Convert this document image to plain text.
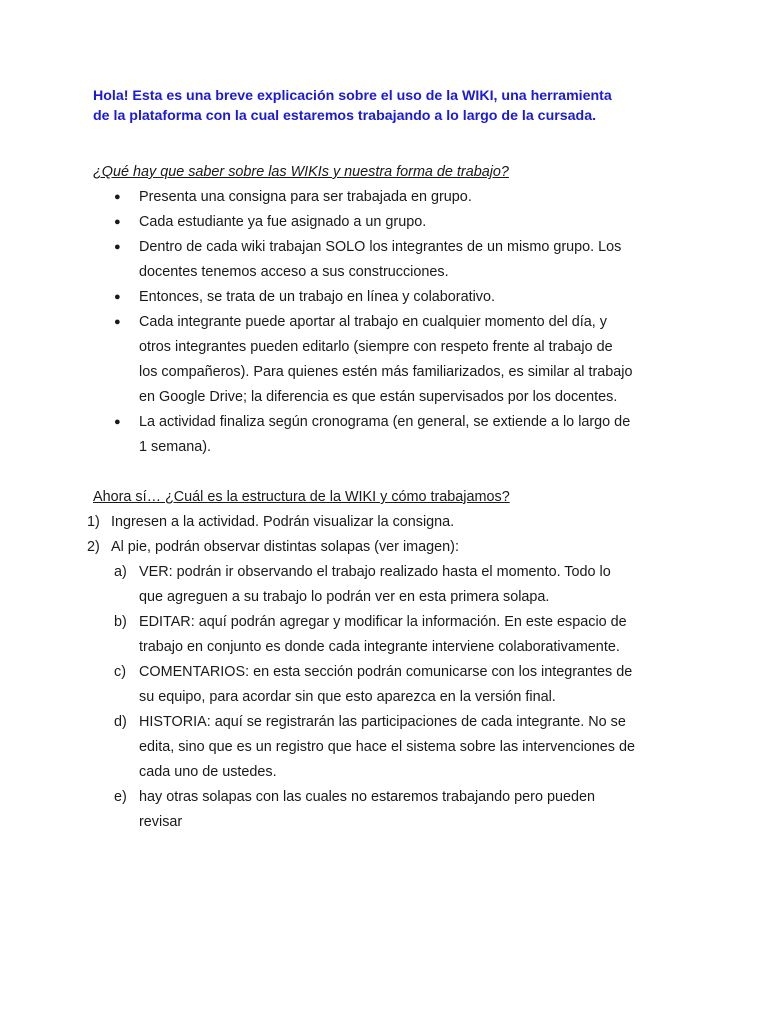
Hola! Esta es una breve explicación sobre el uso de la WIKI, una herramienta

de la plataforma con la cual estaremos trabajando a lo largo de la cursada.

¿Qué hay que saber sobre las WIKIs y nuestra forma de trabajo?
● Presenta una consigna para ser trabajada en grupo.
● Cada estudiante ya fue asignado a un grupo.
● Dentro de cada wiki trabajan SOLO los integrantes de un mismo grupo. Los
docentes tenemos acceso a sus construcciones.
● Entonces, se trata de un trabajo en línea y colaborativo.
● Cada integrante puede aportar al trabajo en cualquier momento del día, y
otros integrantes pueden editarlo (siempre con respeto frente al trabajo de
los compañeros). Para quienes estén más familiarizados, es similar al trabajo
en Google Drive; la diferencia es que están supervisados por los docentes.
● La actividad finaliza según cronograma (en general, se extiende a lo largo de
1 semana).
Ahora sí… ¿Cuál es la estructura de la WIKI y cómo trabajamos?
1) Ingresen a la actividad. Podrán visualizar la consigna.
2) Al pie, podrán observar distintas solapas (ver imagen):
a) VER: podrán ir observando el trabajo realizado hasta el momento. Todo lo
que agreguen a su trabajo lo podrán ver en esta primera solapa.
b) EDITAR: aquí podrán agregar y modificar la información. En este espacio de
trabajo en conjunto es donde cada integrante interviene colaborativamente.
c) COMENTARIOS: en esta sección podrán comunicarse con los integrantes de
su equipo, para acordar sin que esto aparezca en la versión final.
d) HISTORIA: aquí se registrarán las participaciones de cada integrante. No se
edita, sino que es un registro que hace el sistema sobre las intervenciones de
cada uno de ustedes.
e) hay otras solapas con las cuales no estaremos trabajando pero pueden
revisar
